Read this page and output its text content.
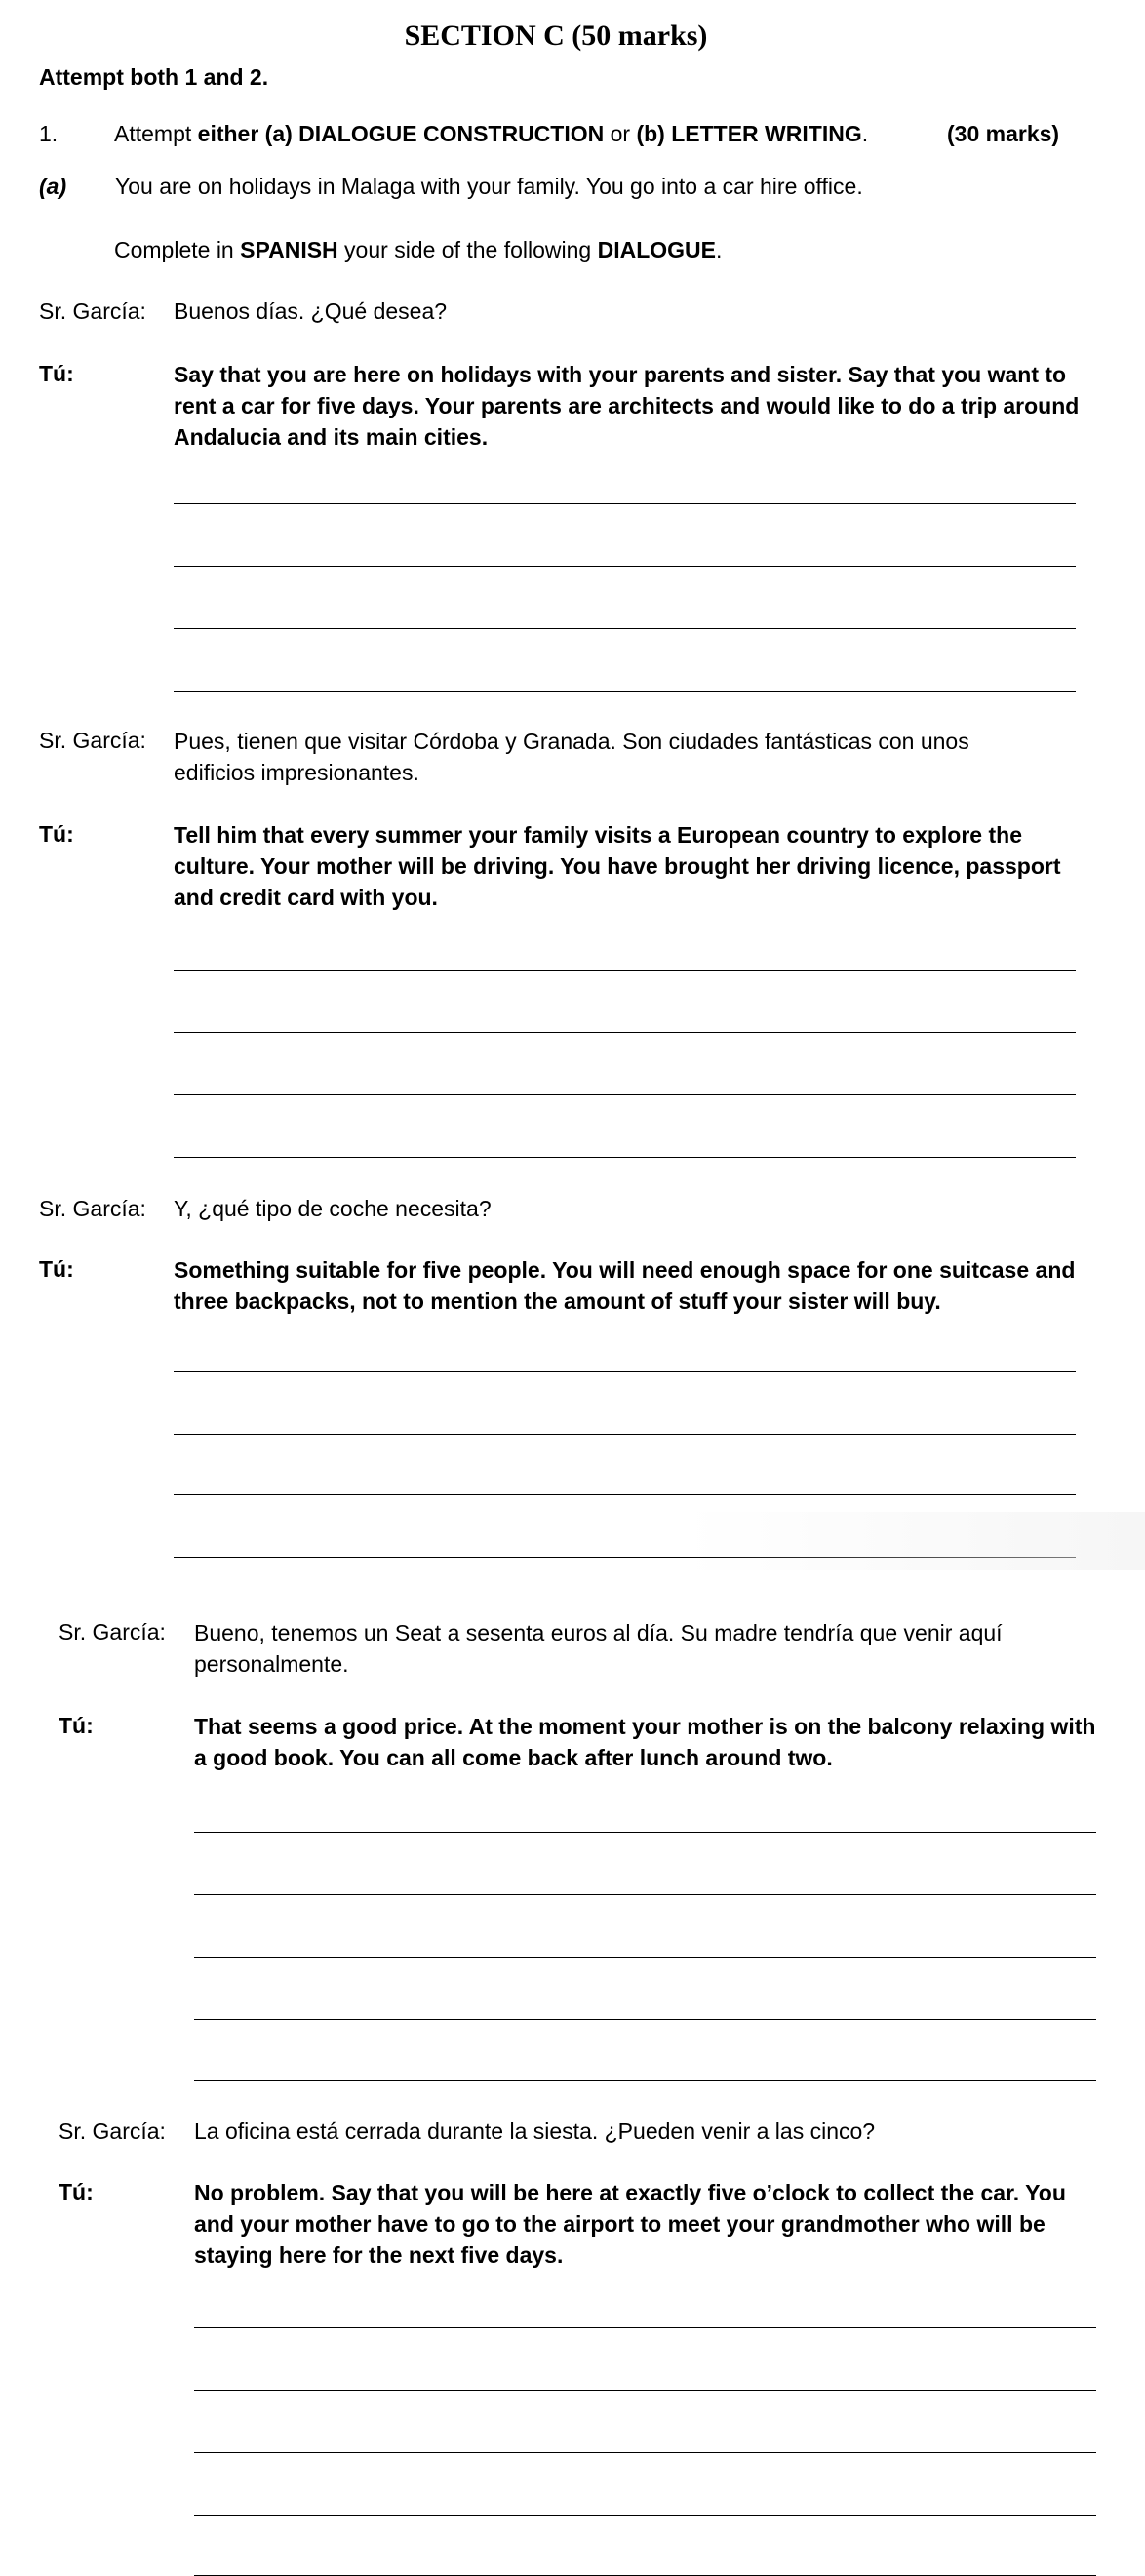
SECTION C (50 marks)
Attempt both 1 and 2.
1.	Attempt either (a) DIALOGUE CONSTRUCTION or (b) LETTER WRITING.	(30 marks)
(a) You are on holidays in Malaga with your family. You go into a car hire office.
Complete in SPANISH your side of the following DIALOGUE.
Sr. García: Buenos días. ¿Qué desea?
Tú:	Say that you are here on holidays with your parents and sister. Say that you want to rent a car for five days. Your parents are architects and would like to do a trip around Andalucia and its main cities.
Sr. García: Pues, tienen que visitar Córdoba y Granada. Son ciudades fantásticas con unos edificios impresionantes.
Tú:	Tell him that every summer your family visits a European country to explore the culture. Your mother will be driving. You have brought her driving licence, passport and credit card with you.
Sr. García: Y, ¿qué tipo de coche necesita?
Tú:	Something suitable for five people. You will need enough space for one suitcase and three backpacks, not to mention the amount of stuff your sister will buy.
Sr. García: Bueno, tenemos un Seat a sesenta euros al día. Su madre tendría que venir aquí personalmente.
Tú:	That seems a good price. At the moment your mother is on the balcony relaxing with a good book. You can all come back after lunch around two.
Sr. García: La oficina está cerrada durante la siesta. ¿Pueden venir a las cinco?
Tú:	No problem. Say that you will be here at exactly five o’clock to collect the car. You and your mother have to go to the airport to meet your grandmother who will be staying here for the next five days.
